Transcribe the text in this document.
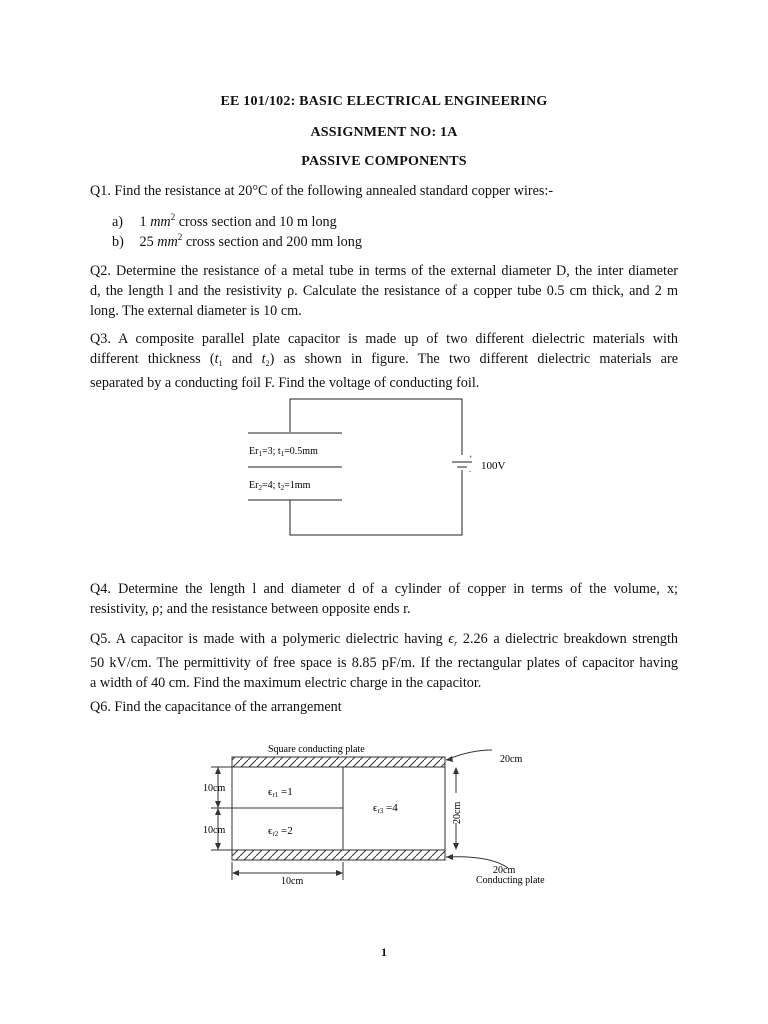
EE 101/102: BASIC ELECTRICAL ENGINEERING
ASSIGNMENT NO: 1A
PASSIVE COMPONENTS
Q1. Find the resistance at 20°C of the following annealed standard copper wires:-
a) 1 $mm^2$ cross section and 10 m long
b) 25 $mm^2$ cross section and 200 mm long
Q2. Determine the resistance of a metal tube in terms of the external diameter D, the inter diameter
d, the length l and the resistivity ρ. Calculate the resistance of a copper tube 0.5 cm thick, and 2 m
long. The external diameter is 10 cm.
Q3. A composite parallel plate capacitor is made up of two different dielectric materials with
different thickness ($t_1$ and $t_2$) as shown in figure. The two different dielectric materials are
separated by a conducting foil F. Find the voltage of conducting foil.
$Er_1=3$; $t_1=0.5mm$
$Er_2=4$; $t_2=1mm$
+
- 100V
Q4. Determine the length l and diameter d of a cylinder of copper in terms of the volume, x;
resistivity, ρ; and the resistance between opposite ends r.
Q5. A capacitor is made with a polymeric dielectric having $\epsilon_r$ 2.26 a dielectric breakdown strength
50 kV/cm. The permittivity of free space is 8.85 pF/m. If the rectangular plates of capacitor having
a width of 40 cm. Find the maximum electric charge in the capacitor.
Q6. Find the capacitance of the arrangement
Square conducting plate
20cm
10cm
10cm
ϵr1 =1
ϵr2 =2
ϵr3 =4	20cm
10cm
20cm
Conducting plate
1
